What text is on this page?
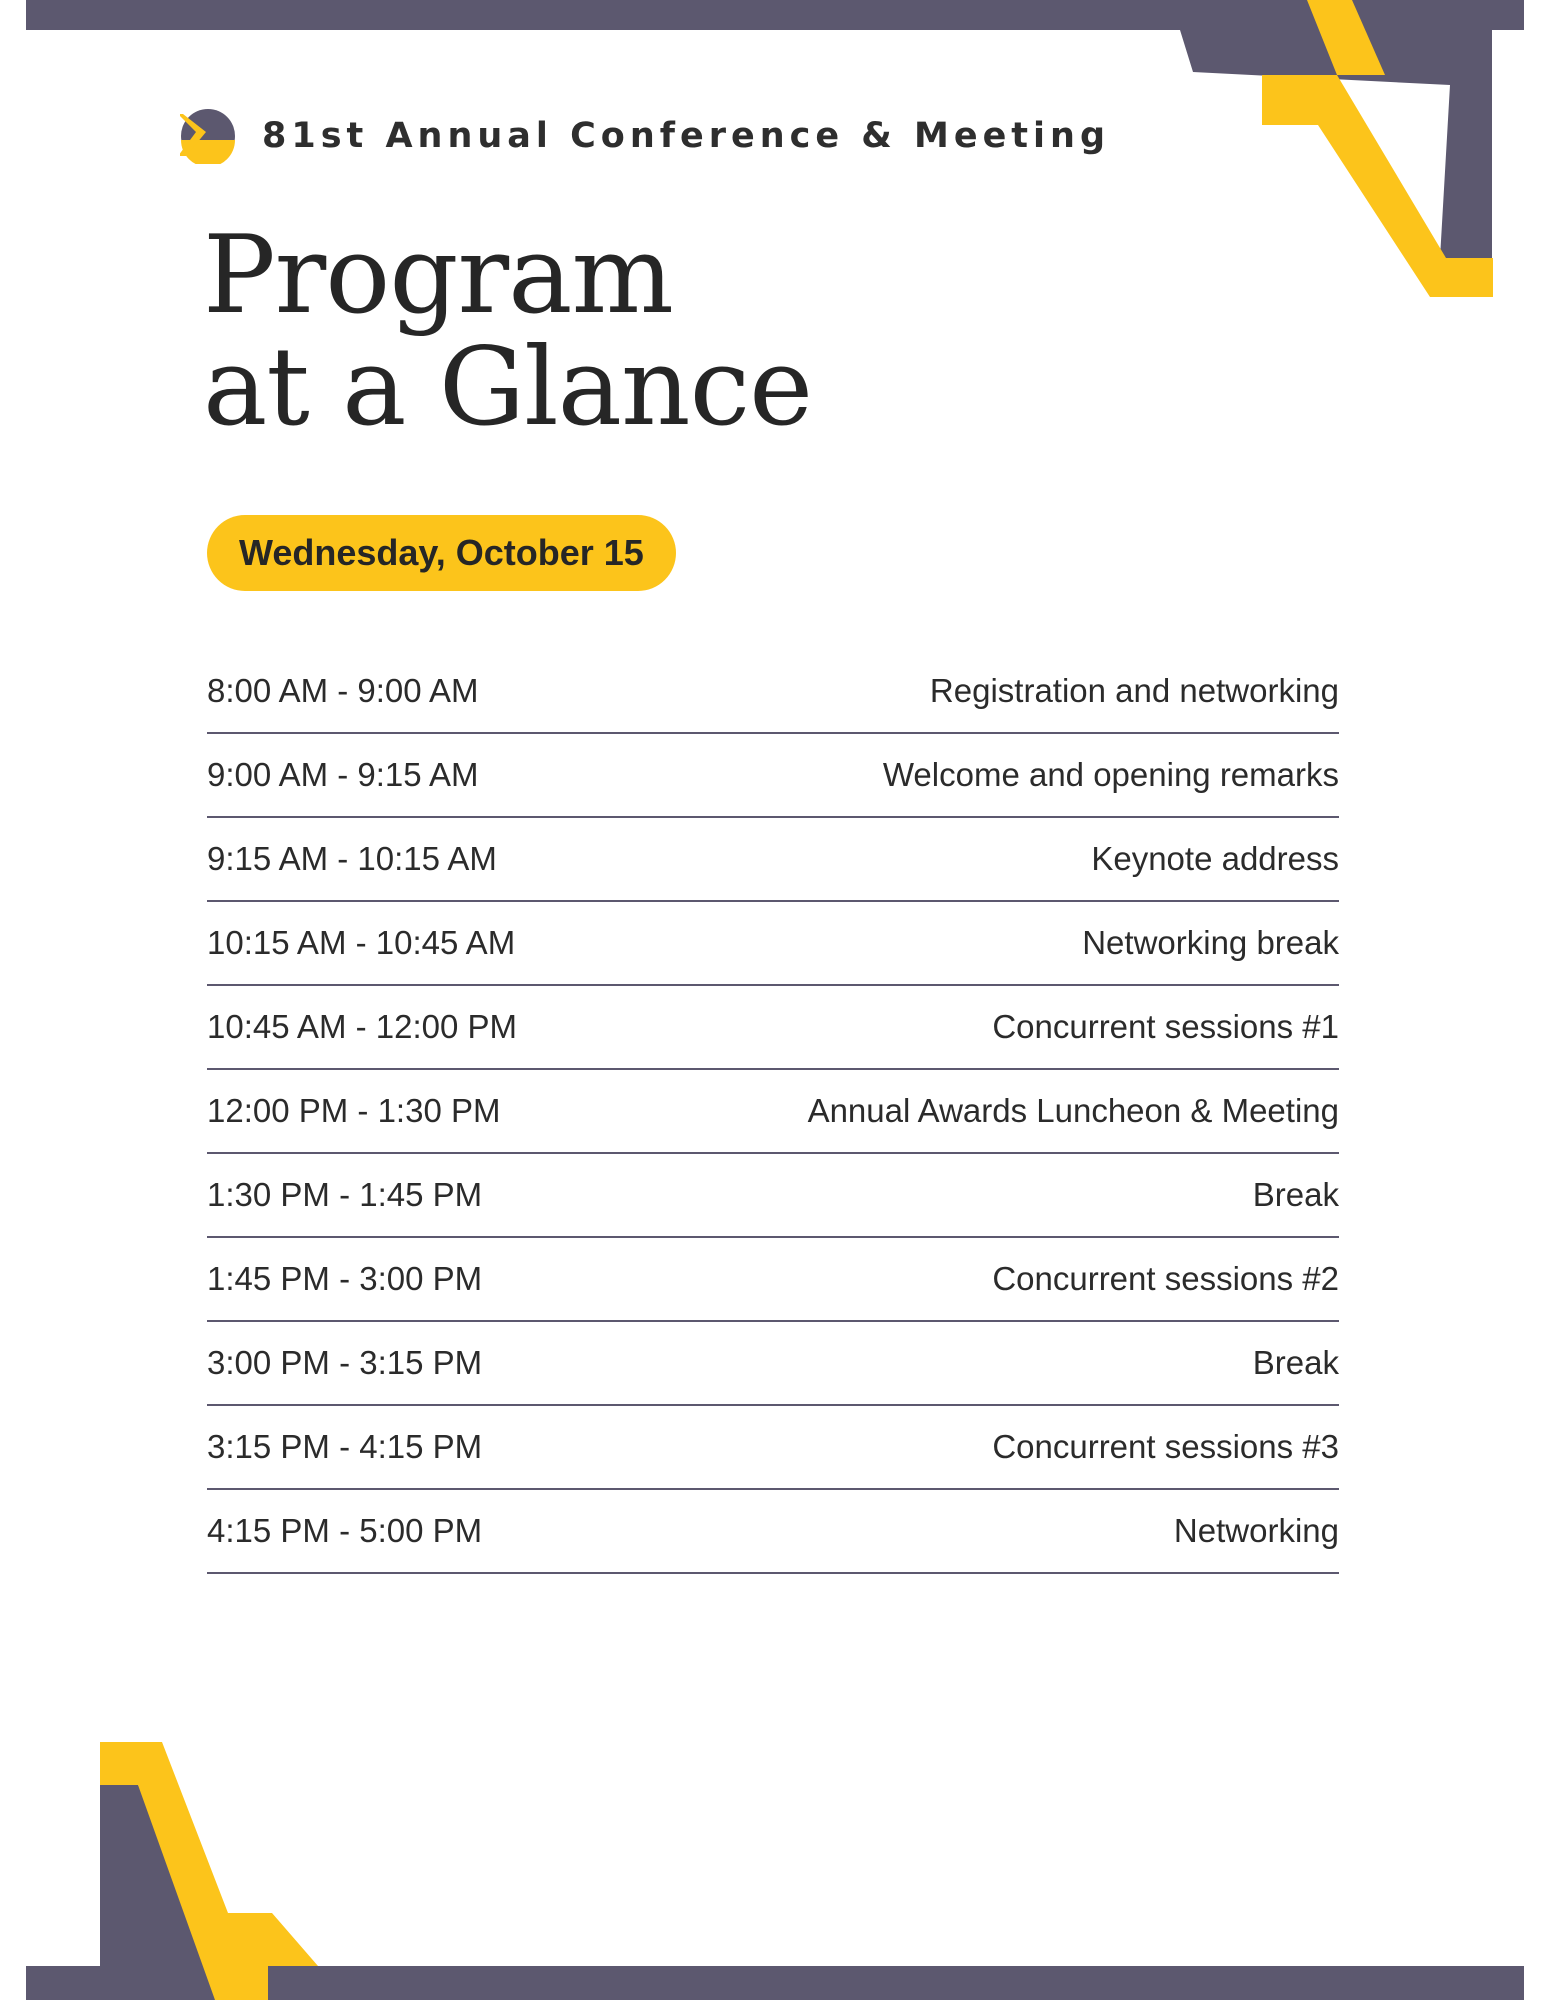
81st Annual Conference & Meeting
Program
at a Glance
Wednesday, October 15
8:00 AM - 9:00 AM	Registration and networking
9:00 AM - 9:15 AM	Welcome and opening remarks
9:15 AM - 10:15 AM	Keynote address
10:15 AM - 10:45 AM	Networking break
10:45 AM - 12:00 PM	Concurrent sessions #1
12:00 PM - 1:30 PM	Annual Awards Luncheon & Meeting
1:30 PM - 1:45 PM	Break
1:45 PM - 3:00 PM	Concurrent sessions #2
3:00 PM - 3:15 PM	Break
3:15 PM - 4:15 PM	Concurrent sessions #3
4:15 PM - 5:00 PM	Networking
